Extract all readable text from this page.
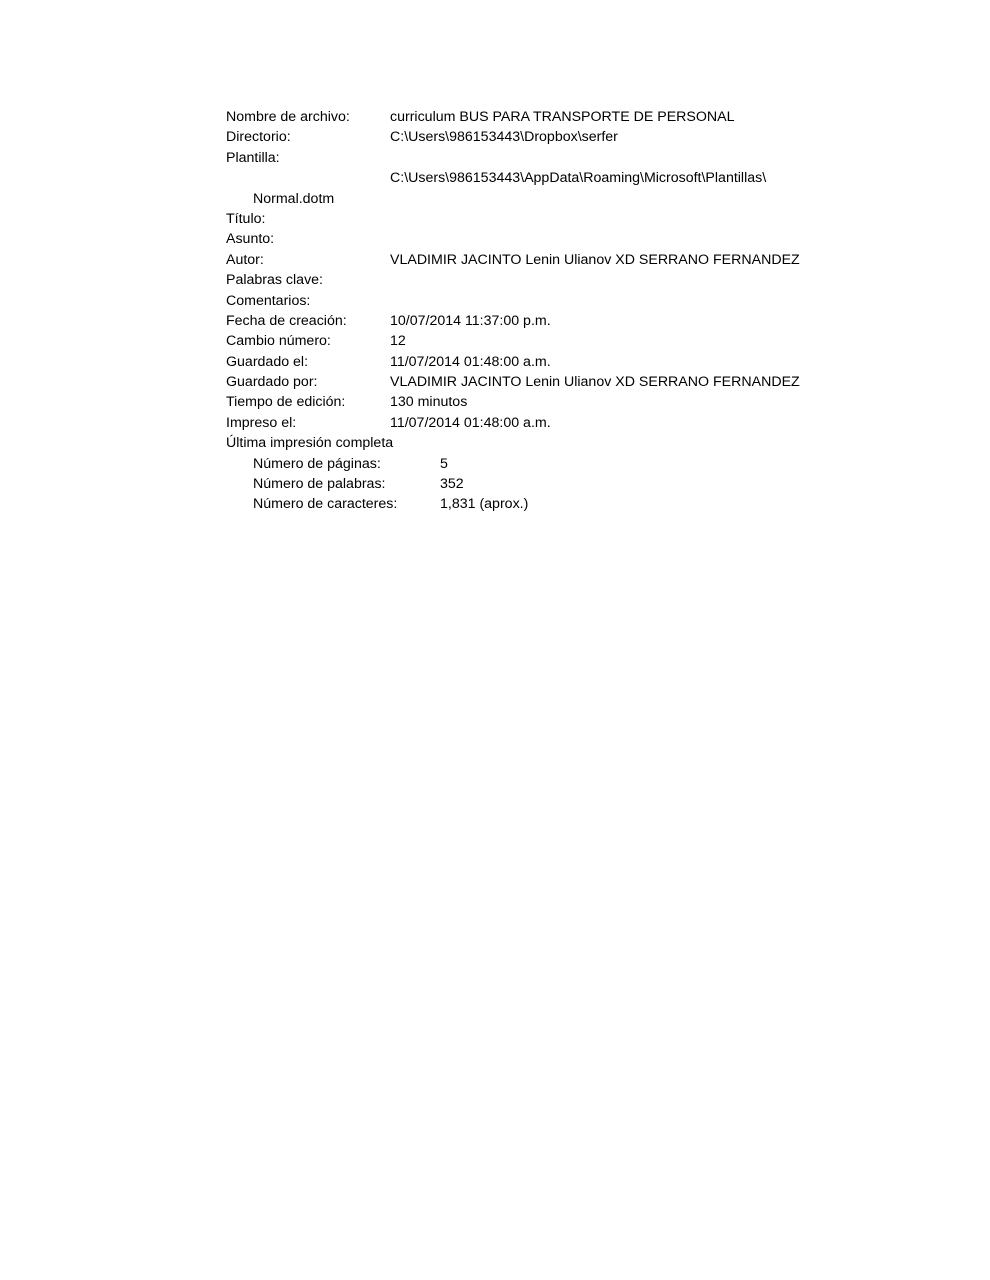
Nombre de archivo:	curriculum BUS PARA TRANSPORTE DE PERSONAL
Directorio:	C:\Users\986153443\Dropbox\serfer
Plantilla:
C:\Users\986153443\AppData\Roaming\Microsoft\Plantillas\
Normal.dotm
Título:
Asunto:
Autor:	VLADIMIR JACINTO Lenin Ulianov XD SERRANO FERNANDEZ
Palabras clave:
Comentarios:
Fecha de creación:	10/07/2014 11:37:00 p.m.
Cambio número:	12
Guardado el:	11/07/2014 01:48:00 a.m.
Guardado por:	VLADIMIR JACINTO Lenin Ulianov XD SERRANO FERNANDEZ
Tiempo de edición:	130 minutos
Impreso el:	11/07/2014 01:48:00 a.m.
Última impresión completa
Número de páginas:	5
Número de palabras:	352
Número de caracteres:	1,831 (aprox.)
